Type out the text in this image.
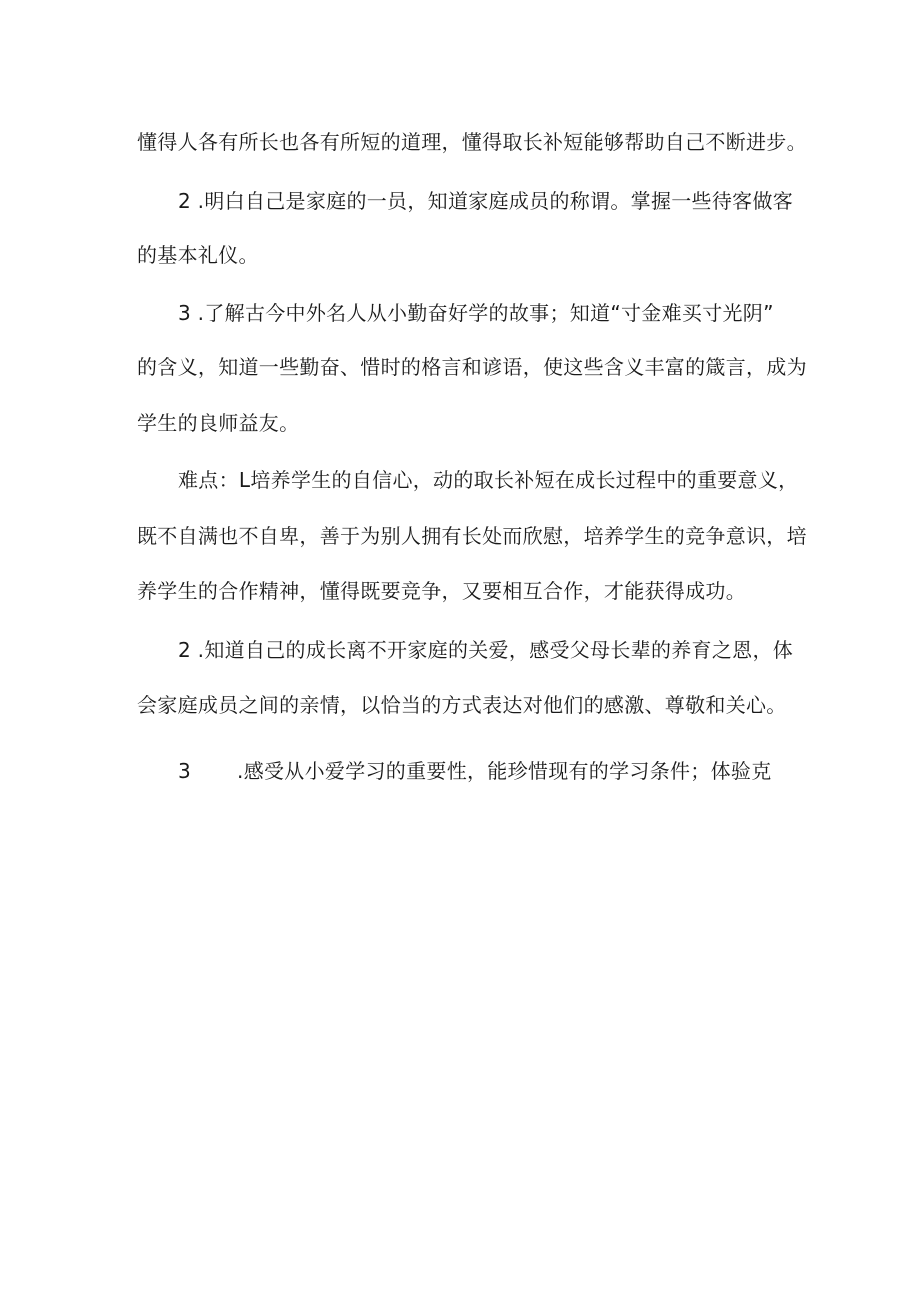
懂得人各有所长也各有所短的道理，懂得取长补短能够帮助自己不断进步。
2 .明白自己是家庭的一员，知道家庭成员的称谓。掌握一些待客做客
的基本礼仪。
3 .了解古今中外名人从小勤奋好学的故事；知道“寸金难买寸光阴”
的含义，知道一些勤奋、惜时的格言和谚语，使这些含义丰富的箴言，成为
学生的良师益友。
难点：L培养学生的自信心，动的取长补短在成长过程中的重要意义，
既不自满也不自卑，善于为别人拥有长处而欣慰，培养学生的竞争意识，培
养学生的合作精神，懂得既要竞争，又要相互合作，才能获得成功。
2 .知道自己的成长离不开家庭的关爱，感受父母长辈的养育之恩，体
会家庭成员之间的亲情，以恰当的方式表达对他们的感激、尊敬和关心。
3 .感受从小爱学习的重要性，能珍惜现有的学习条件；体验克
